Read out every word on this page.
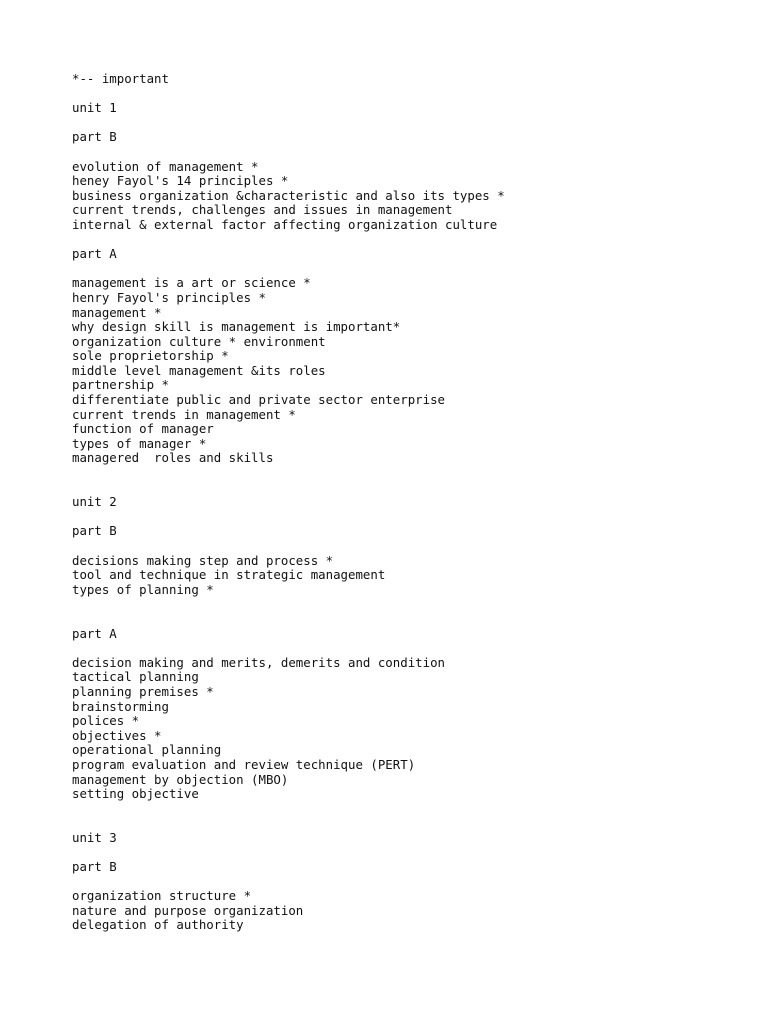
*-- important
unit 1
part B
evolution of management *
heney Fayol's 14 principles *
business organization &characteristic and also its types *
current trends, challenges and issues in management
internal & external factor affecting organization culture
part A
management is a art or science *
henry Fayol's principles *
management *
why design skill is management is important*
organization culture * environment
sole proprietorship *
middle level management &its roles
partnership *
differentiate public and private sector enterprise
current trends in management *
function of manager
types of manager *
managered  roles and skills
unit 2
part B
decisions making step and process *
tool and technique in strategic management
types of planning *
part A
decision making and merits, demerits and condition
tactical planning
planning premises *
brainstorming
polices *
objectives *
operational planning
program evaluation and review technique (PERT)
management by objection (MBO)
setting objective
unit 3
part B
organization structure *
nature and purpose organization
delegation of authority
